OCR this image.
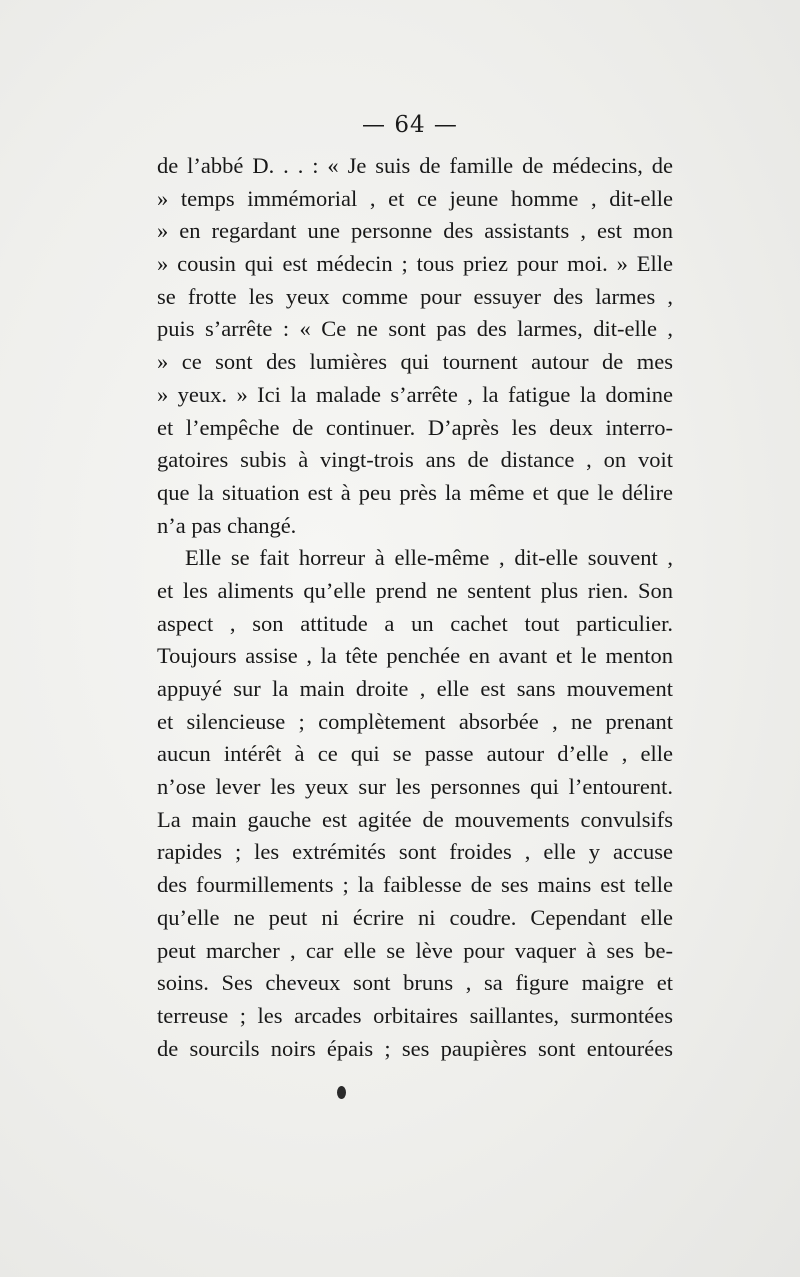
— 64 —
de l’abbé D. . . : « Je suis de famille de médecins, de
» temps immémorial , et ce jeune homme , dit-elle
» en regardant une personne des assistants , est mon
» cousin qui est médecin ; tous priez pour moi. » Elle
se frotte les yeux comme pour essuyer des larmes ,
puis s’arrête : « Ce ne sont pas des larmes, dit-elle ,
» ce sont des lumières qui tournent autour de mes
» yeux. » Ici la malade s’arrête , la fatigue la domine
et l’empêche de continuer. D’après les deux interro-
gatoires subis à vingt-trois ans de distance , on voit
que la situation est à peu près la même et que le délire
n’a pas changé.
Elle se fait horreur à elle-même , dit-elle souvent ,
et les aliments qu’elle prend ne sentent plus rien. Son
aspect , son attitude a un cachet tout particulier.
Toujours assise , la tête penchée en avant et le menton
appuyé sur la main droite , elle est sans mouvement
et silencieuse ; complètement absorbée , ne prenant
aucun intérêt à ce qui se passe autour d’elle , elle
n’ose lever les yeux sur les personnes qui l’entourent.
La main gauche est agitée de mouvements convulsifs
rapides ; les extrémités sont froides , elle y accuse
des fourmillements ; la faiblesse de ses mains est telle
qu’elle ne peut ni écrire ni coudre. Cependant elle
peut marcher , car elle se lève pour vaquer à ses be-
soins. Ses cheveux sont bruns , sa figure maigre et
terreuse ; les arcades orbitaires saillantes, surmontées
de sourcils noirs épais ; ses paupières sont entourées
